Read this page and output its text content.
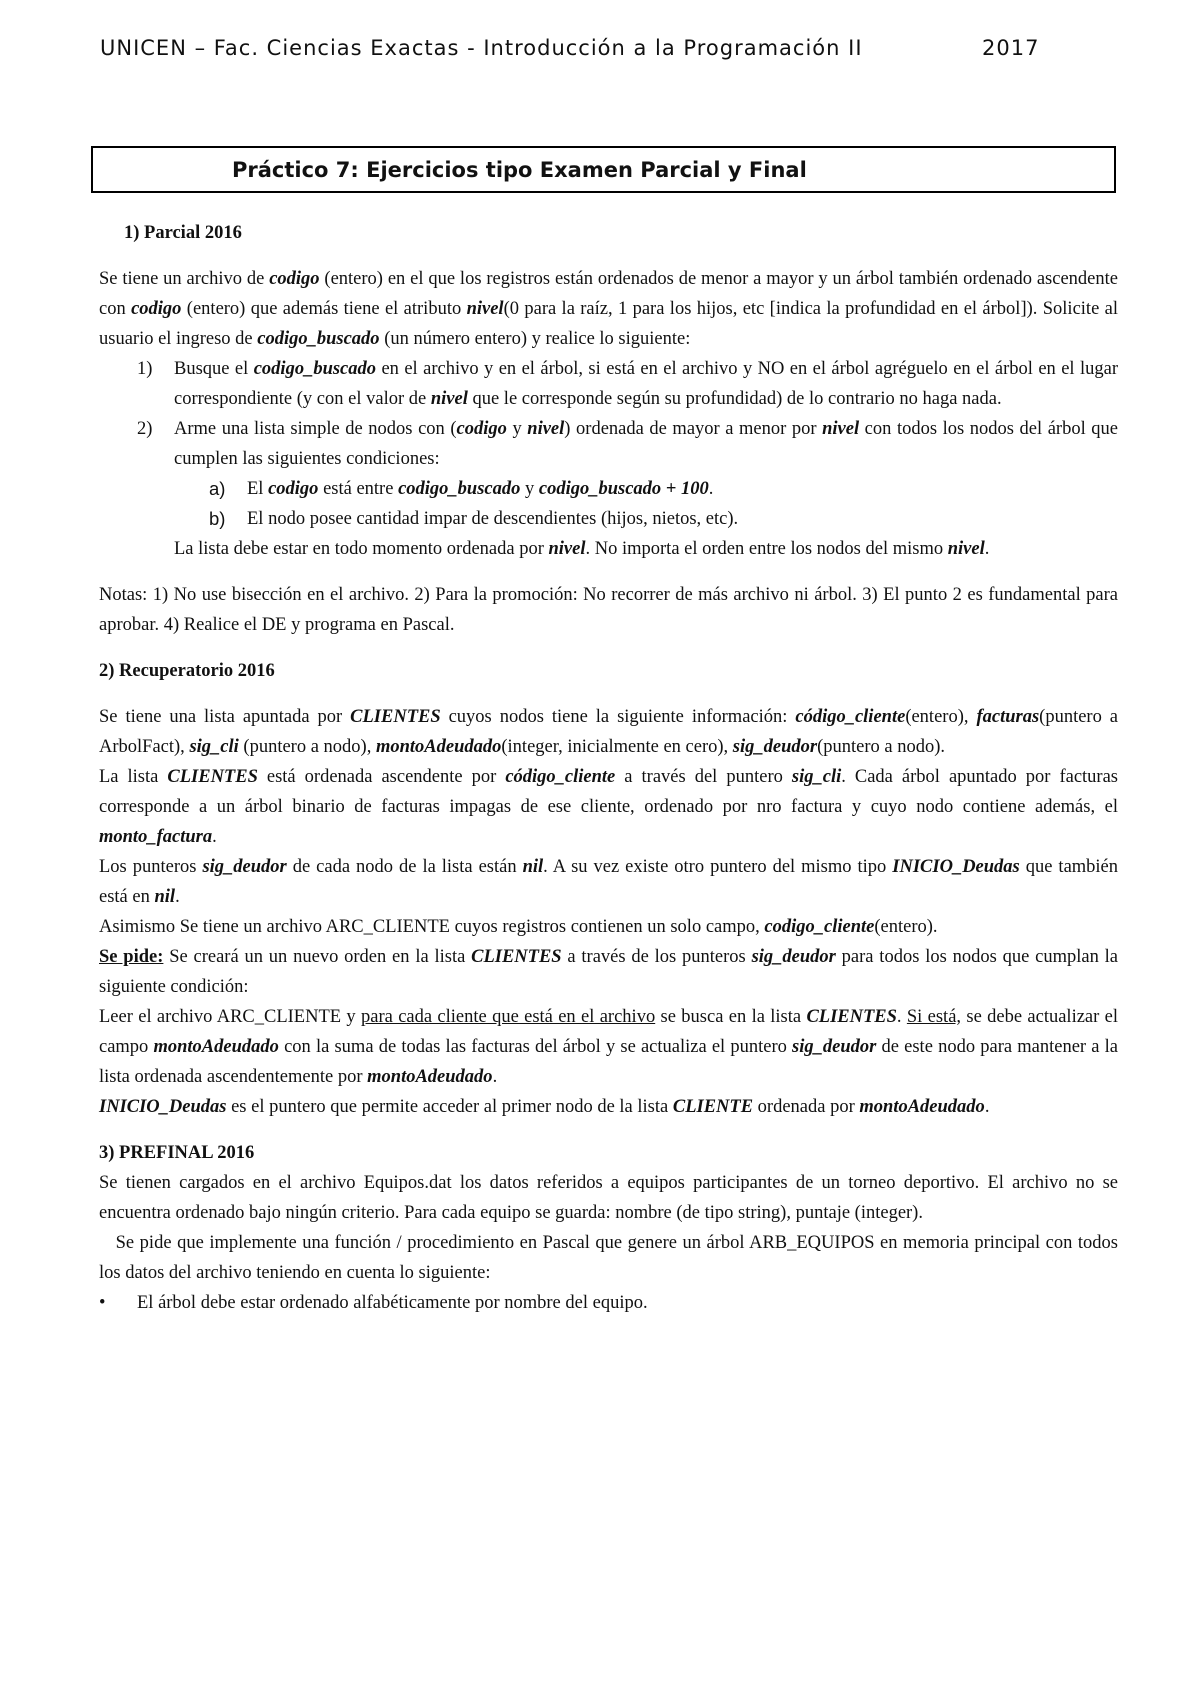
UNICEN – Fac. Ciencias Exactas - Introducción a la Programación II	2017
Práctico 7: Ejercicios tipo Examen Parcial y Final

1) Parcial 2016

Se tiene un archivo de codigo (entero) en el que los registros están ordenados de menor a mayor y un árbol también ordenado ascendente con codigo (entero) que además tiene el atributo nivel(0 para la raíz, 1 para los hijos, etc [indica la profundidad en el árbol]). Solicite al usuario el ingreso de codigo_buscado (un número entero) y realice lo siguiente:

1) Busque el codigo_buscado en el archivo y en el árbol, si está en el archivo y NO en el árbol agréguelo en el árbol en el lugar correspondiente (y con el valor de nivel que le corresponde según su profundidad) de lo contrario no haga nada.
2) Arme una lista simple de nodos con (codigo y nivel) ordenada de mayor a menor por nivel con todos los nodos del árbol que cumplen las siguientes condiciones:
a) El codigo está entre codigo_buscado y codigo_buscado + 100.
b) El nodo posee cantidad impar de descendientes (hijos, nietos, etc).

La lista debe estar en todo momento ordenada por nivel. No importa el orden entre los nodos del mismo nivel.

Notas: 1) No use bisección en el archivo. 2) Para la promoción: No recorrer de más archivo ni árbol. 3) El punto 2 es fundamental para aprobar. 4) Realice el DE y programa en Pascal.

2) Recuperatorio 2016

Se tiene una lista apuntada por CLIENTES cuyos nodos tiene la siguiente información: código_cliente(entero), facturas(puntero a ArbolFact), sig_cli (puntero a nodo), montoAdeudado(integer, inicialmente en cero), sig_deudor(puntero a nodo).

La lista CLIENTES está ordenada ascendente por código_cliente a través del puntero sig_cli. Cada árbol apuntado por facturas corresponde a un árbol binario de facturas impagas de ese cliente, ordenado por nro factura y cuyo nodo contiene además, el monto_factura.

Los punteros sig_deudor de cada nodo de la lista están nil. A su vez existe otro puntero del mismo tipo INICIO_Deudas que también está en nil.

Asimismo Se tiene un archivo ARC_CLIENTE cuyos registros contienen un solo campo, codigo_cliente(entero).

Se pide: Se creará un un nuevo orden en la lista CLIENTES a través de los punteros sig_deudor para todos los nodos que cumplan la siguiente condición:

Leer el archivo ARC_CLIENTE y para cada cliente que está en el archivo se busca en la lista CLIENTES. Si está, se debe actualizar el campo montoAdeudado con la suma de todas las facturas del árbol y se actualiza el puntero sig_deudor de este nodo para mantener a la lista ordenada ascendentemente por montoAdeudado.

INICIO_Deudas es el puntero que permite acceder al primer nodo de la lista CLIENTE ordenada por montoAdeudado.

3) PREFINAL 2016

Se tienen cargados en el archivo Equipos.dat los datos referidos a equipos participantes de un torneo deportivo. El archivo no se encuentra ordenado bajo ningún criterio. Para cada equipo se guarda: nombre (de tipo string), puntaje (integer).

Se pide que implemente una función / procedimiento en Pascal que genere un árbol ARB_EQUIPOS en memoria principal con todos los datos del archivo teniendo en cuenta lo siguiente:

• El árbol debe estar ordenado alfabéticamente por nombre del equipo.
